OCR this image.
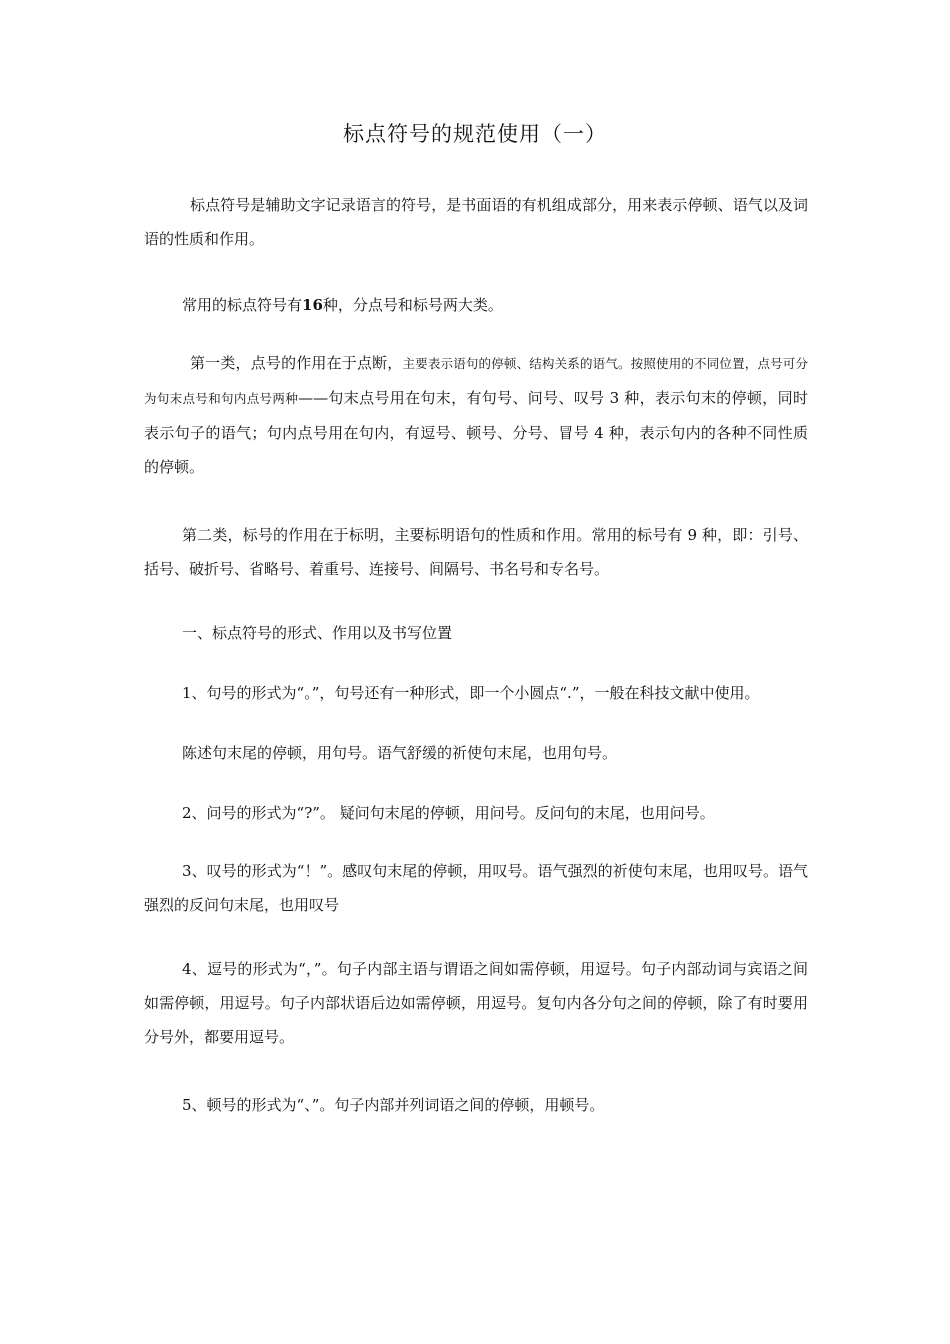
标点符号的规范使用（一）

标点符号是辅助文字记录语言的符号，是书面语的有机组成部分，用来表示停顿、语气以及词语的性质和作用。

常用的标点符号有16种，分点号和标号两大类。

第一类，点号的作用在于点断，主要表示语句的停顿、结构关系的语气。按照使用的不同位置，点号可分为句末点号和句内点号两种——句末点号用在句末，有句号、问号、叹号 3 种，表示句末的停顿，同时表示句子的语气；句内点号用在句内，有逗号、顿号、分号、冒号 4 种，表示句内的各种不同性质的停顿。

第二类，标号的作用在于标明，主要标明语句的性质和作用。常用的标号有 9 种，即：引号、括号、破折号、省略号、着重号、连接号、间隔号、书名号和专名号。

一、标点符号的形式、作用以及书写位置

1、句号的形式为“。”，句号还有一种形式，即一个小圆点“.”，一般在科技文献中使用。

陈述句末尾的停顿，用句号。语气舒缓的祈使句末尾，也用句号。

2、问号的形式为“?”。 疑问句末尾的停顿，用问号。反问句的末尾，也用问号。

3、叹号的形式为“！”。感叹句末尾的停顿，用叹号。语气强烈的祈使句末尾，也用叹号。语气强烈的反问句末尾，也用叹号

4、逗号的形式为“，”。句子内部主语与谓语之间如需停顿，用逗号。句子内部动词与宾语之间如需停顿，用逗号。句子内部状语后边如需停顿，用逗号。复句内各分句之间的停顿，除了有时要用分号外，都要用逗号。

5、顿号的形式为“、”。句子内部并列词语之间的停顿，用顿号。
